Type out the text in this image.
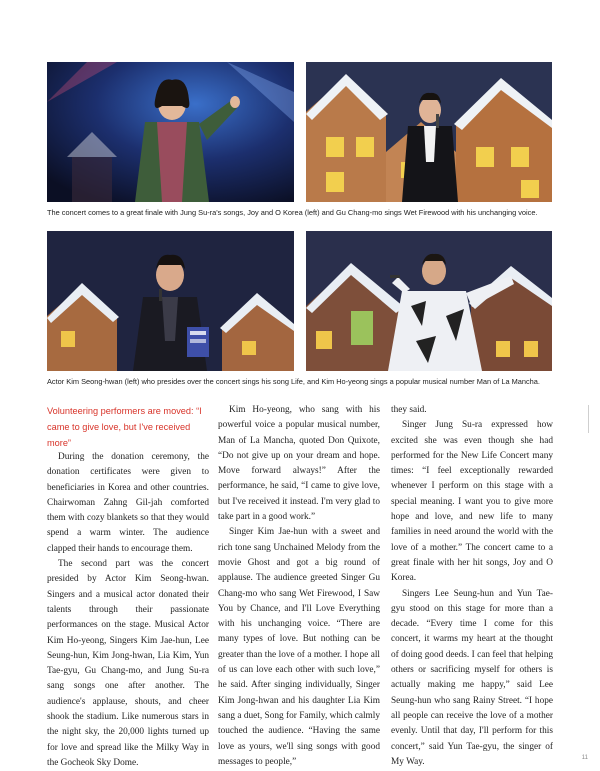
The concert comes to a great finale with Jung Su-ra's songs, Joy and O Korea (left) and Gu Chang-mo sings Wet Firewood with his unchanging voice.
Actor Kim Seong-hwan (left) who presides over the concert sings his song Life, and Kim Ho-yeong sings a popular musical number Man of La Mancha.
Volunteering performers are moved: “I came to give love, but I've received more”

During the donation ceremony, the donation certificates were given to beneficiaries in Korea and other countries. Chairwoman Zahng Gil-jah comforted them with cozy blankets so that they would spend a warm winter. The audience clapped their hands to encourage them.

The second part was the concert presided by Actor Kim Seong-hwan. Singers and a musical actor donated their talents through their passionate performances on the stage. Musical Actor Kim Ho-yeong, Singers Kim Jae-hun, Lee Seung-hun, Kim Jong-hwan, Lia Kim, Yun Tae-gyu, Gu Chang-mo, and Jung Su-ra sang songs one after another. The audience's applause, shouts, and cheer shook the stadium. Like numerous stars in the night sky, the 20,000 lights turned up for love and spread like the Milky Way in the Gocheok Sky Dome.

Kim Ho-yeong, who sang with his powerful voice a popular musical number, Man of La Mancha, quoted Don Quixote, “Do not give up on your dream and hope. Move forward always!” After the performance, he said, “I came to give love, but I've received it instead. I'm very glad to take part in a good work.”

Singer Kim Jae-hun with a sweet and rich tone sang Unchained Melody from the movie Ghost and got a big round of applause. The audience greeted Singer Gu Chang-mo who sang Wet Firewood, I Saw You by Chance, and I'll Love Everything with his unchanging voice. “There are many types of love. But nothing can be greater than the love of a mother. I hope all of us can love each other with such love,” he said. After singing individually, Singer Kim Jong-hwan and his daughter Lia Kim sang a duet, Song for Family, which calmly touched the audience. “Having the same love as yours, we'll sing songs with good messages to people,”

they said.

Singer Jung Su-ra expressed how excited she was even though she had performed for the New Life Concert many times: “I feel exceptionally rewarded whenever I perform on this stage with a special meaning. I want you to give more hope and love, and new life to many families in need around the world with the love of a mother.” The concert came to a great finale with her hit songs, Joy and O Korea.

Singers Lee Seung-hun and Yun Tae-gyu stood on this stage for more than a decade. “Every time I come for this concert, it warms my heart at the thought of doing good deeds. I can feel that helping others or sacrificing myself for others is actually making me happy,” said Lee Seung-hun who sang Rainy Street. “I hope all people can receive the love of a mother evenly. Until that day, I'll perform for this concert,” said Yun Tae-gyu, the singer of My Way.	11
